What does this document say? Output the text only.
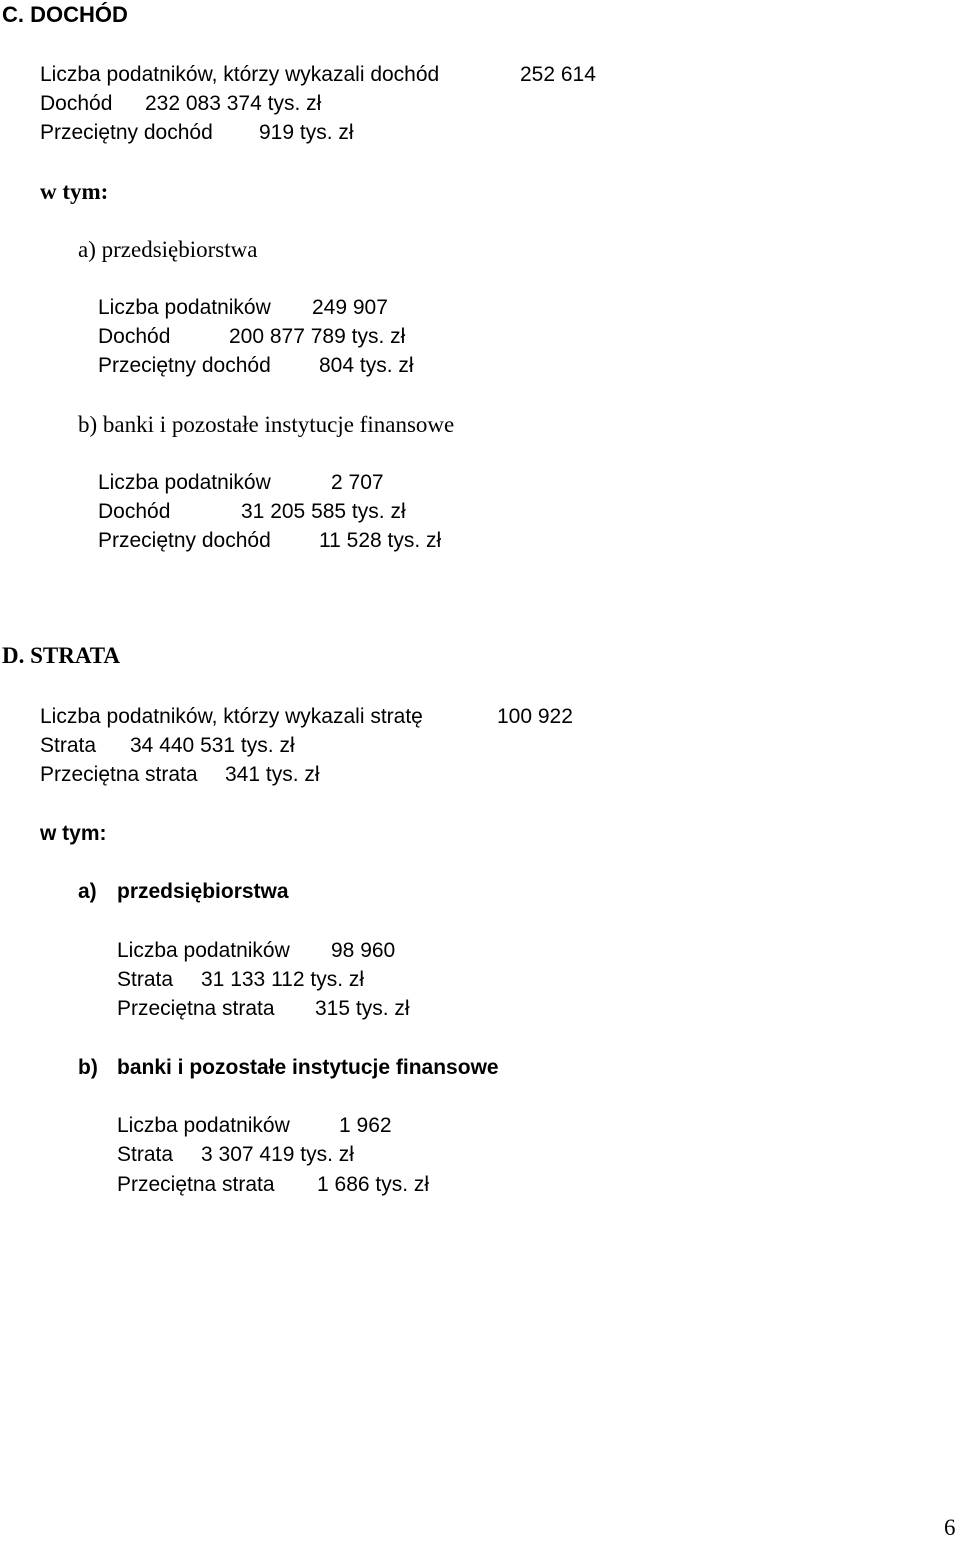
C. DOCHÓD
Liczba podatników, którzy wykazali dochód	252 614
Dochód 232 083 374 tys. zł
Przeciętny dochód 919 tys. zł
w tym:
a) przedsiębiorstwa
Liczba podatników 249 907
Dochód	200 877 789 tys. zł
Przeciętny dochód 804 tys. zł
b) banki i pozostałe instytucje finansowe
Liczba podatników	2 707
Dochód	31 205 585 tys. zł
Przeciętny dochód 11 528 tys. zł
D. STRATA
Liczba podatników, którzy wykazali stratę	100 922
Strata 34 440 531 tys. zł
Przeciętna strata 341 tys. zł
w tym:
a) przedsiębiorstwa
Liczba podatników 98 960
Strata 31 133 112 tys. zł
Przeciętna strata 315 tys. zł
b) banki i pozostałe instytucje finansowe
Liczba podatników 1 962
Strata 3 307 419 tys. zł
Przeciętna strata 1 686 tys. zł
6
